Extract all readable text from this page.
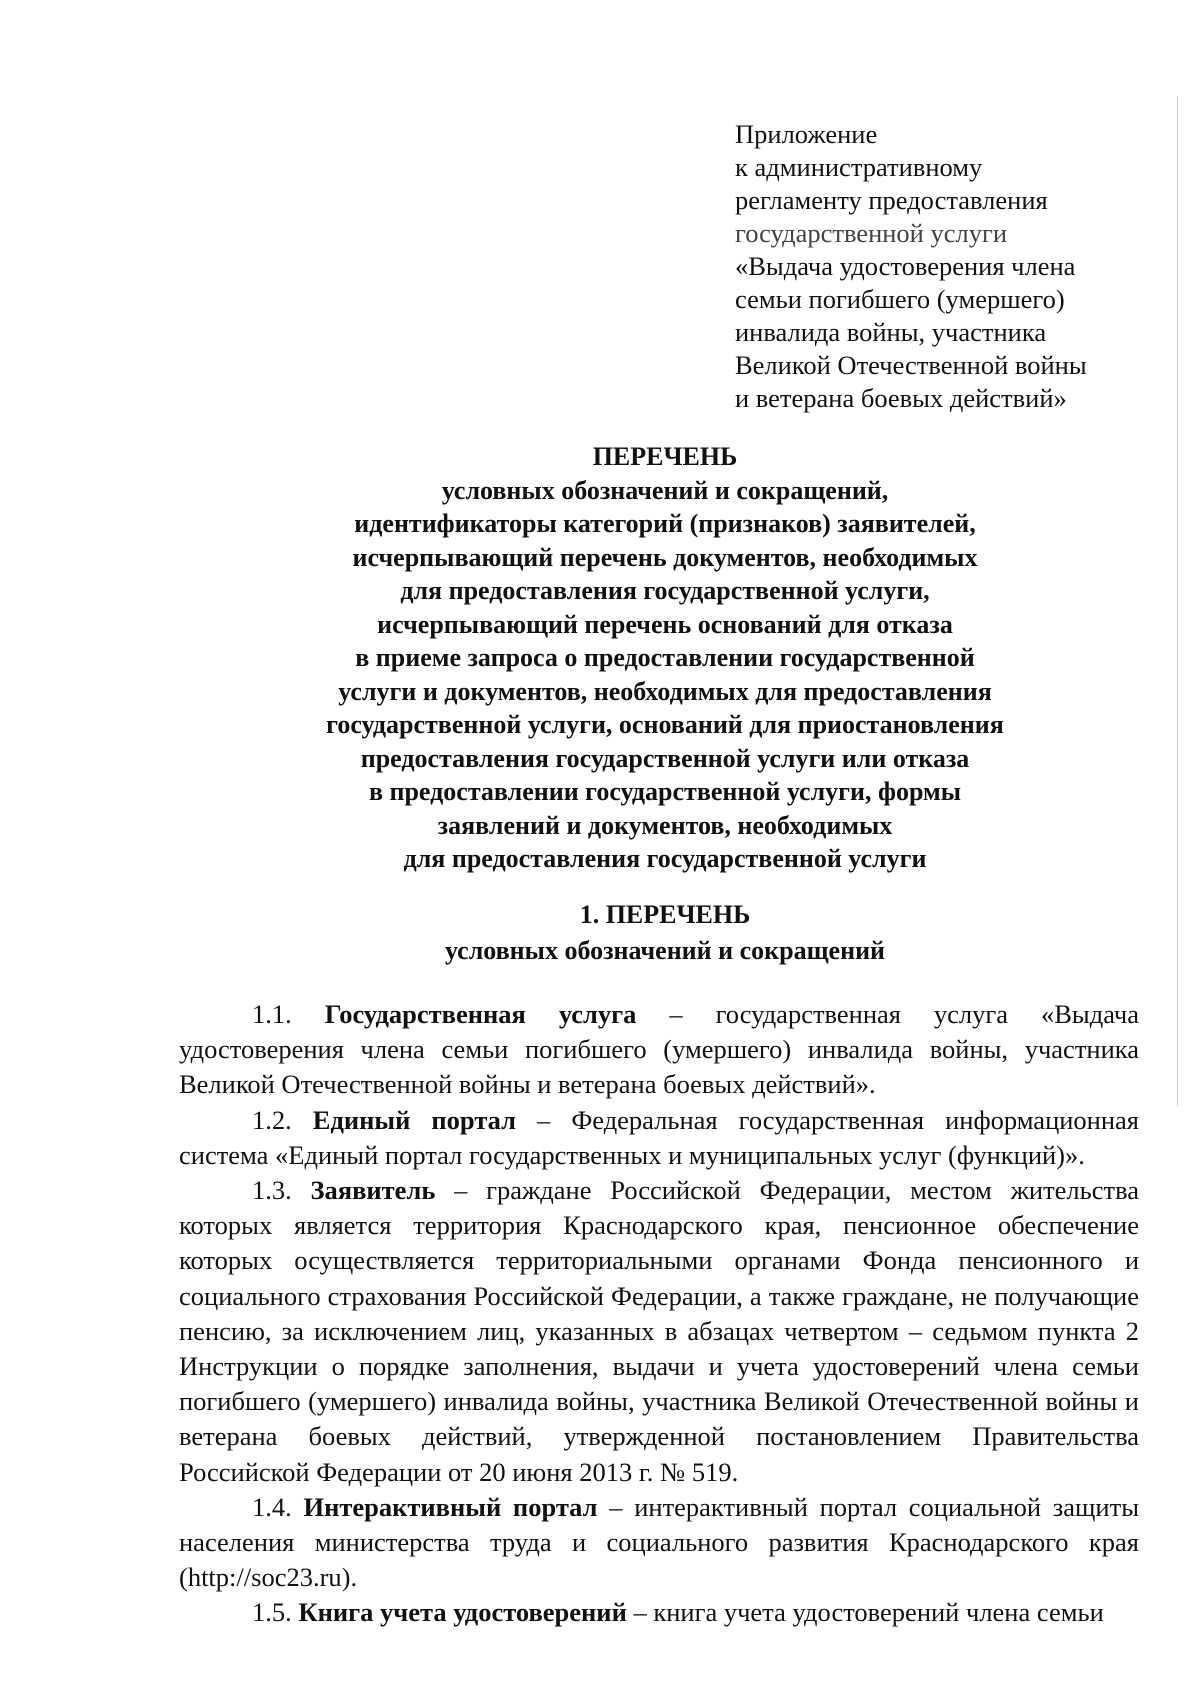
Приложение
к административному
регламенту предоставления
государственной услуги
«Выдача удостоверения члена
семьи погибшего (умершего)
инвалида войны, участника
Великой Отечественной войны
и ветерана боевых действий»
ПЕРЕЧЕНЬ
условных обозначений и сокращений,
идентификаторы категорий (признаков) заявителей,
исчерпывающий перечень документов, необходимых
для предоставления государственной услуги,
исчерпывающий перечень оснований для отказа
в приеме запроса о предоставлении государственной
услуги и документов, необходимых для предоставления
государственной услуги, оснований для приостановления
предоставления государственной услуги или отказа
в предоставлении государственной услуги, формы
заявлений и документов, необходимых
для предоставления государственной услуги
1. ПЕРЕЧЕНЬ
условных обозначений и сокращений

1.1. Государственная услуга – государственная услуга «Выдача удостоверения члена семьи погибшего (умершего) инвалида войны, участника Великой Отечественной войны и ветерана боевых действий».

1.2. Единый портал – Федеральная государственная информационная система «Единый портал государственных и муниципальных услуг (функций)».

1.3. Заявитель – граждане Российской Федерации, местом жительства которых является территория Краснодарского края, пенсионное обеспечение которых осуществляется территориальными органами Фонда пенсионного и социального страхования Российской Федерации, а также граждане, не получающие пенсию, за исключением лиц, указанных в абзацах четвертом – седьмом пункта 2 Инструкции о порядке заполнения, выдачи и учета удостоверений члена семьи погибшего (умершего) инвалида войны, участника Великой Отечественной войны и ветерана боевых действий, утвержденной постановлением Правительства Российской Федерации от 20 июня 2013 г. № 519.

1.4. Интерактивный портал – интерактивный портал социальной защиты населения министерства труда и социального развития Краснодарского края (http://soc23.ru).

1.5. Книга учета удостоверений – книга учета удостоверений члена семьи
